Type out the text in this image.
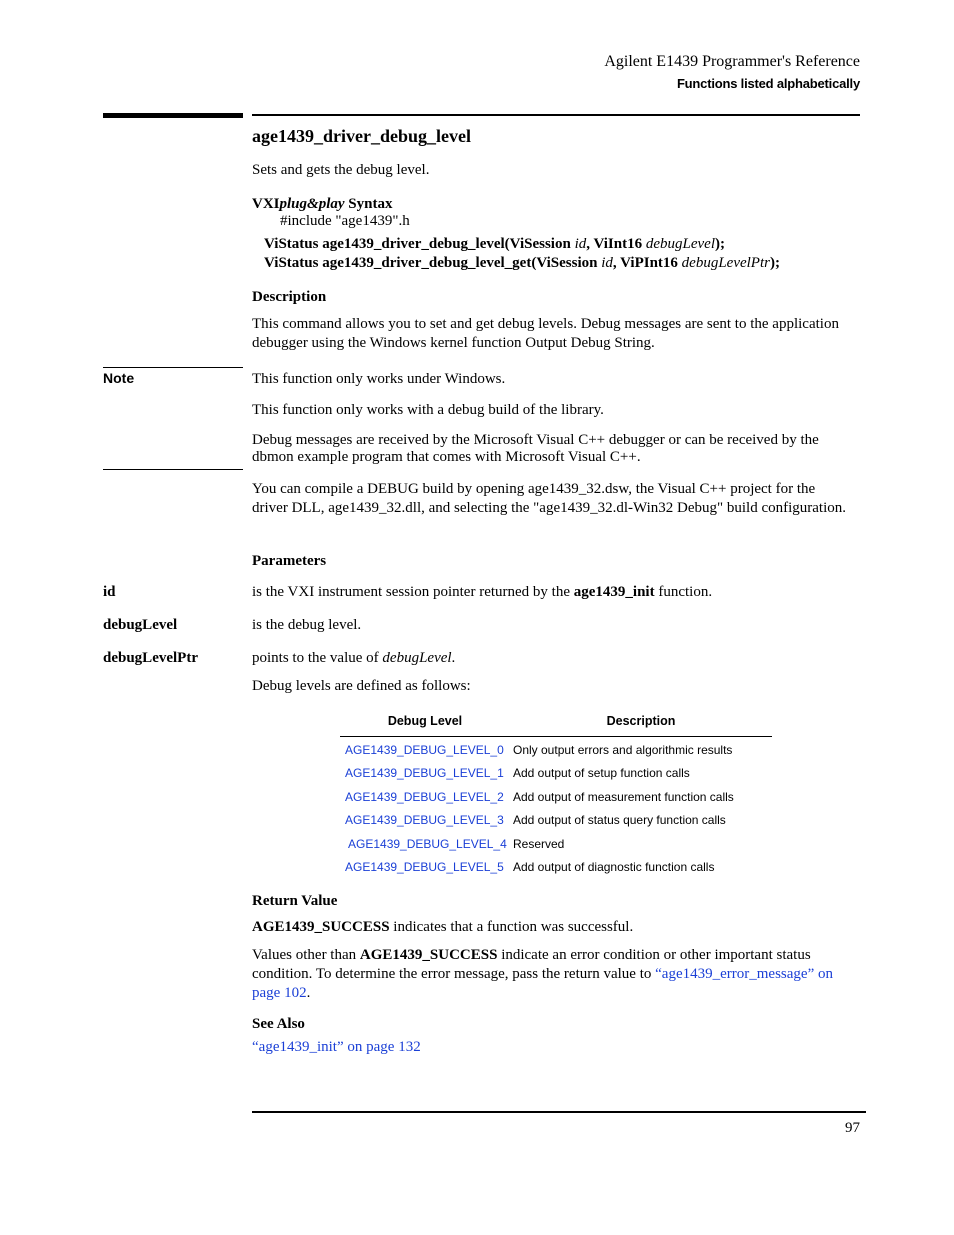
Agilent E1439 Programmer's Reference
Functions listed alphabetically
age1439_driver_debug_level
Sets and gets the debug level.
VXIplug&play Syntax
#include "age1439".h
ViStatus age1439_driver_debug_level(ViSession id, ViInt16 debugLevel);
ViStatus age1439_driver_debug_level_get(ViSession id, ViPInt16 debugLevelPtr);
Description
This command allows you to set and get debug levels. Debug messages are sent to the application debugger using the Windows kernel function Output Debug String.
Note	This function only works under Windows.
This function only works with a debug build of the library.
Debug messages are received by the Microsoft Visual C++ debugger or can be received by the dbmon example program that comes with Microsoft Visual C++.
You can compile a DEBUG build by opening age1439_32.dsw, the Visual C++ project for the driver DLL, age1439_32.dll, and selecting the "age1439_32.dl-Win32 Debug" build configuration.
Parameters
id	is the VXI instrument session pointer returned by the age1439_init function.
debugLevel	is the debug level.
debugLevelPtr	points to the value of debugLevel.
Debug levels are defined as follows:
Debug Level	Description
AGE1439_DEBUG_LEVEL_0 Only output errors and algorithmic results
AGE1439_DEBUG_LEVEL_1 Add output of setup function calls
AGE1439_DEBUG_LEVEL_2 Add output of measurement function calls
AGE1439_DEBUG_LEVEL_3 Add output of status query function calls
AGE1439_DEBUG_LEVEL_4 Reserved
AGE1439_DEBUG_LEVEL_5 Add output of diagnostic function calls
Return Value
AGE1439_SUCCESS indicates that a function was successful.
Values other than AGE1439_SUCCESS indicate an error condition or other important status condition. To determine the error message, pass the return value to “age1439_error_message” on page 102.
See Also
“age1439_init” on page 132
97
